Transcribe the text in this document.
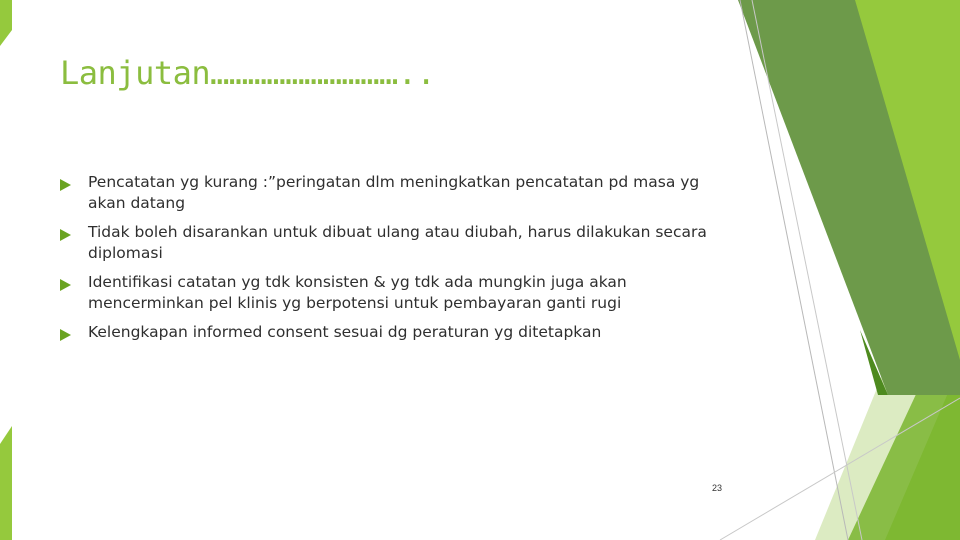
Lanjutan…………………………..
Pencatatan yg kurang :”peringatan dlm meningkatkan pencatatan pd masa yg akan datang
Tidak boleh disarankan untuk dibuat ulang atau diubah, harus dilakukan secara diplomasi
Identifikasi catatan yg tdk konsisten & yg tdk ada mungkin juga akan mencerminkan pel klinis yg berpotensi untuk pembayaran ganti rugi
Kelengkapan informed consent sesuai dg peraturan yg ditetapkan
23
